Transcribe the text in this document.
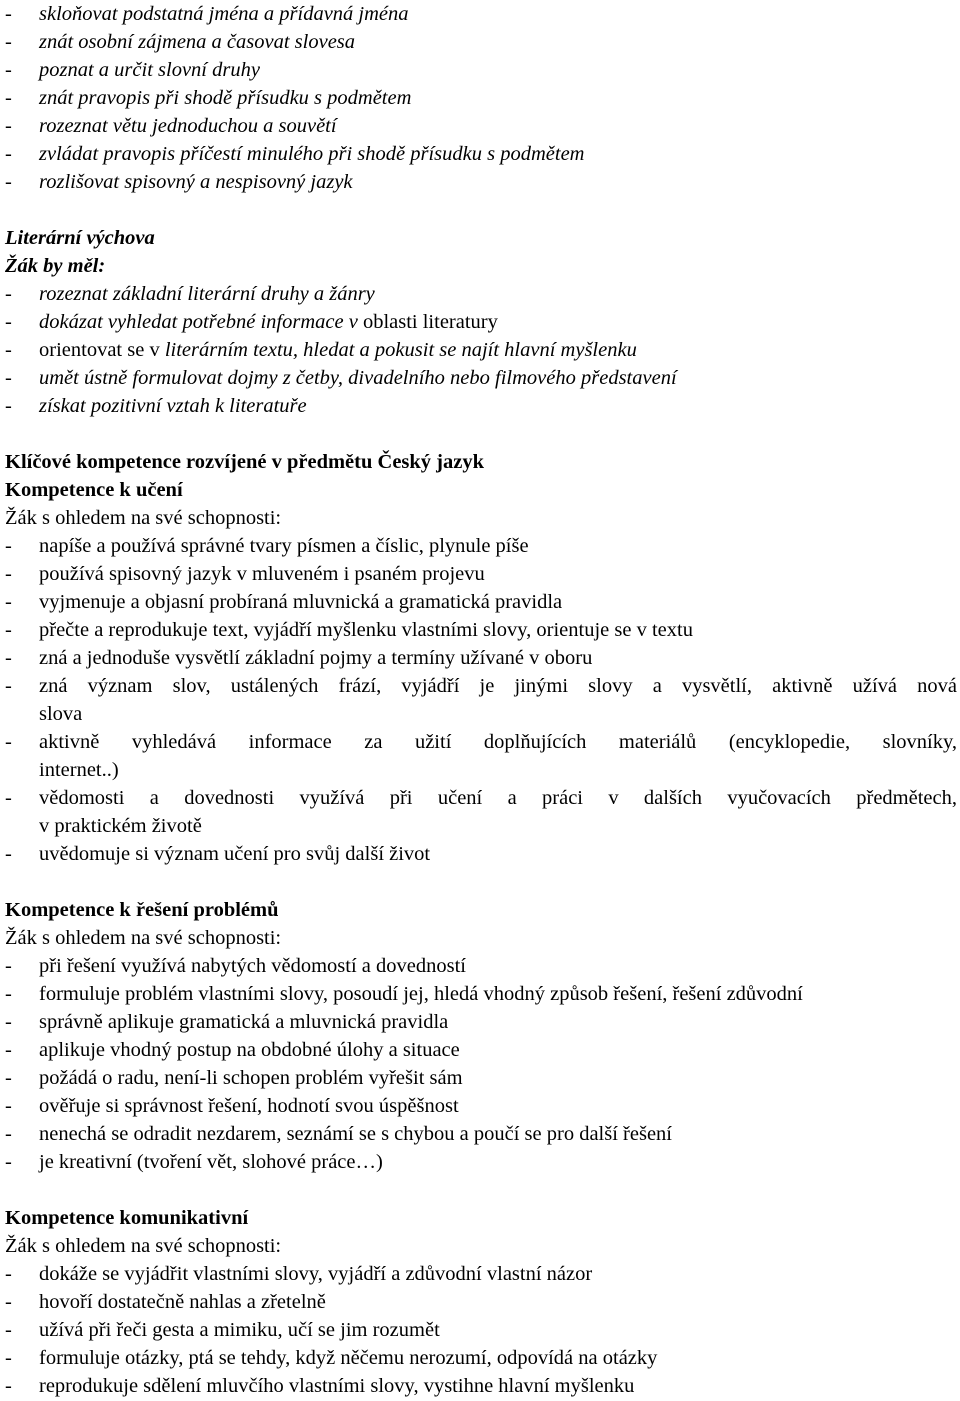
- skloňovat podstatná jména a přídavná jména
- znát osobní zájmena a časovat slovesa
- poznat a určit slovní druhy
- znát pravopis při shodě přísudku s podmětem
- rozeznat větu jednoduchou a souvětí
- zvládat pravopis příčestí minulého při shodě přísudku s podmětem
- rozlišovat spisovný a nespisovný jazyk
Literární výchova
Žák by měl:
- rozeznat základní literární druhy a žánry
- dokázat vyhledat potřebné informace v oblasti literatury
- orientovat se v literárním textu, hledat a pokusit se najít hlavní myšlenku
- umět ústně formulovat dojmy z četby, divadelního nebo filmového představení
- získat pozitivní vztah k literatuře
Klíčové kompetence rozvíjené v předmětu Český jazyk
Kompetence k učení
Žák s ohledem na své schopnosti:
- napíše a používá správné tvary písmen a číslic, plynule píše
- používá spisovný jazyk v mluveném i psaném projevu
- vyjmenuje a objasní probíraná mluvnická a gramatická pravidla
- přečte a reprodukuje text, vyjádří myšlenku vlastními slovy, orientuje se v textu
- zná a jednoduše vysvětlí základní pojmy a termíny užívané v oboru
- zná význam slov, ustálených frází, vyjádří je jinými slovy a vysvětlí, aktivně užívá nová
slova
- aktivně vyhledává informace za užití doplňujících materiálů (encyklopedie, slovníky,
internet..)
- vědomosti a dovednosti využívá při učení a práci v dalších vyučovacích předmětech,
v praktickém životě
- uvědomuje si význam učení pro svůj další život
Kompetence k řešení problémů
Žák s ohledem na své schopnosti:
- při řešení využívá nabytých vědomostí a dovedností
- formuluje problém vlastními slovy, posoudí jej, hledá vhodný způsob řešení, řešení zdůvodní
- správně aplikuje gramatická a mluvnická pravidla
- aplikuje vhodný postup na obdobné úlohy a situace
- požádá o radu, není-li schopen problém vyřešit sám
- ověřuje si správnost řešení, hodnotí svou úspěšnost
- nenechá se odradit nezdarem, seznámí se s chybou a poučí se pro další řešení
- je kreativní (tvoření vět, slohové práce…)
Kompetence komunikativní
Žák s ohledem na své schopnosti:
- dokáže se vyjádřit vlastními slovy, vyjádří a zdůvodní vlastní názor
- hovoří dostatečně nahlas a zřetelně
- užívá při řeči gesta a mimiku, učí se jim rozumět
- formuluje otázky, ptá se tehdy, když něčemu nerozumí, odpovídá na otázky
- reprodukuje sdělení mluvčího vlastními slovy, vystihne hlavní myšlenku
